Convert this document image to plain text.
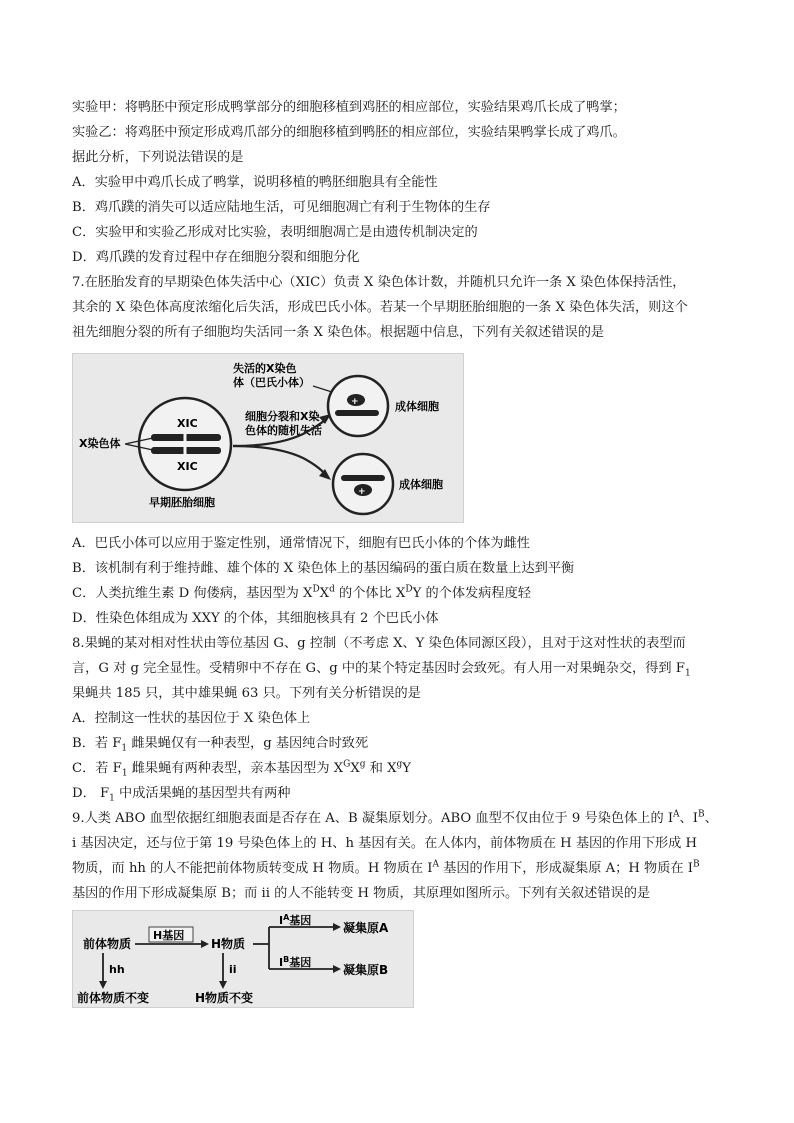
实验甲：将鸭胚中预定形成鸭掌部分的细胞移植到鸡胚的相应部位，实验结果鸡爪长成了鸭掌；
实验乙：将鸡胚中预定形成鸡爪部分的细胞移植到鸭胚的相应部位，实验结果鸭掌长成了鸡爪。
据此分析，下列说法错误的是
A．实验甲中鸡爪长成了鸭掌，说明移植的鸭胚细胞具有全能性
B．鸡爪蹼的消失可以适应陆地生活，可见细胞凋亡有利于生物体的生存
C．实验甲和实验乙形成对比实验，表明细胞凋亡是由遗传机制决定的
D．鸡爪蹼的发育过程中存在细胞分裂和细胞分化
7.在胚胎发育的早期染色体失活中心（XIC）负责 X 染色体计数，并随机只允许一条 X 染色体保持活性，
其余的 X 染色体高度浓缩化后失活，形成巴氏小体。若某一个早期胚胎细胞的一条 X 染色体失活，则这个
祖先细胞分裂的所有子细胞均失活同一条 X 染色体。根据题中信息，下列有关叙述错误的是
XIC
XIC
X染色体
早期胚胎细胞
细胞分裂和X染
色体的随机失活
失活的X染色
体（巴氏小体）
+	成体细胞
+
成体细胞
A．巴氏小体可以应用于鉴定性别，通常情况下，细胞有巴氏小体的个体为雌性
B．该机制有利于维持雌、雄个体的 X 染色体上的基因编码的蛋白质在数量上达到平衡
C．人类抗维生素 D 佝偻病，基因型为 $X^DX^d$ 的个体比 $X^DY$ 的个体发病程度轻
D．性染色体组成为 XXY 的个体，其细胞核具有 2 个巴氏小体
8.果蝇的某对相对性状由等位基因 G、g 控制（不考虑 X、Y 染色体同源区段），且对于这对性状的表型而
言，G 对 g 完全显性。受精卵中不存在 G、g 中的某个特定基因时会致死。有人用一对果蝇杂交，得到 $F_1$
果蝇共 185 只，其中雄果蝇 63 只。下列有关分析错误的是
A．控制这一性状的基因位于 X 染色体上
B．若 $F_1$ 雌果蝇仅有一种表型，g 基因纯合时致死
C．若 $F_1$ 雌果蝇有两种表型，亲本基因型为 $X^GX^g$ 和 $X^gY$
D． $F_1$ 中成活果蝇的基因型共有两种
9.人类 ABO 血型依据红细胞表面是否存在 A、B 凝集原划分。ABO 血型不仅由位于 9 号染色体上的 $I^A$、$I^B$、
i 基因决定，还与位于第 19 号染色体上的 H、h 基因有关。在人体内，前体物质在 H 基因的作用下形成 H
物质，而 hh 的人不能把前体物质转变成 H 物质。H 物质在 $I^A$ 基因的作用下，形成凝集原 A；H 物质在 $I^B$
基因的作用下形成凝集原 B；而 ii 的人不能转变 H 物质，其原理如图所示。下列有关叙述错误的是
前体物质
H基因
H物质
$I^A$基因
$I^B$基因
凝集原A
凝集原B
hh
前体物质不变
ii
H物质不变
